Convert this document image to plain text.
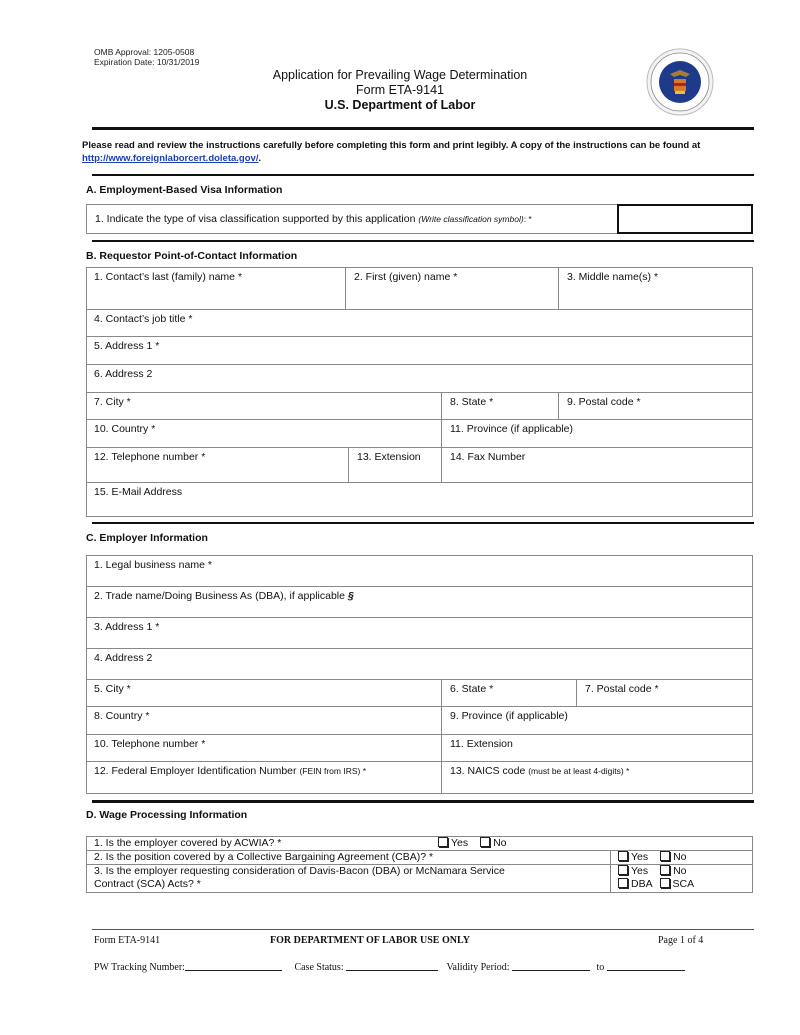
OMB Approval: 1205-0508
Expiration Date: 10/31/2019
Application for Prevailing Wage Determination
Form ETA-9141
U.S. Department of Labor
Please read and review the instructions carefully before completing this form and print legibly. A copy of the instructions can be found at http://www.foreignlaborcert.doleta.gov/.
A. Employment-Based Visa Information
1. Indicate the type of visa classification supported by this application (Write classification symbol): *
B. Requestor Point-of-Contact Information
1. Contact’s last (family) name *	2. First (given) name *	3. Middle name(s) *
4. Contact’s job title *
5. Address 1 *
6. Address 2
7. City *	8. State *	9. Postal code *
10. Country *	11. Province (if applicable)
12. Telephone number *	13. Extension	14. Fax Number
15. E-Mail Address
C. Employer Information
1. Legal business name *
2. Trade name/Doing Business As (DBA), if applicable §
3. Address 1 *
4. Address 2
5. City *	6. State *	7. Postal code *
8. Country *	9. Province (if applicable)
10. Telephone number *	11. Extension
12. Federal Employer Identification Number (FEIN from IRS) *	13. NAICS code (must be at least 4-digits) *
D. Wage Processing Information
1. Is the employer covered by ACWIA? *	Yes No
2. Is the position covered by a Collective Bargaining Agreement (CBA)? *	Yes No
3. Is the employer requesting consideration of Davis-Bacon (DBA) or McNamara Service
Contract (SCA) Acts? *
Yes No
DBA SCA
Form ETA-9141	FOR DEPARTMENT OF LABOR USE ONLY	Page 1 of 4
PW Tracking Number:	Case Status:	Validity Period:	to
